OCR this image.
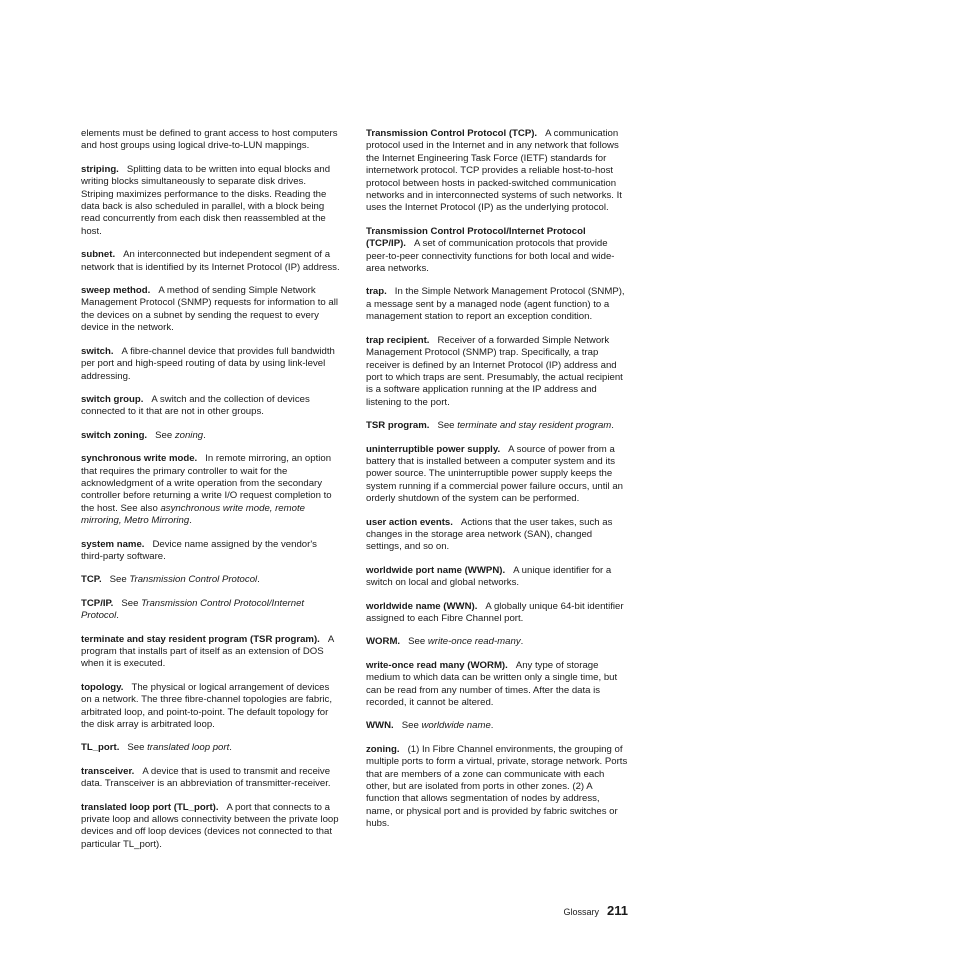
elements must be defined to grant access to host computers and host groups using logical drive-to-LUN mappings.

striping. Splitting data to be written into equal blocks and writing blocks simultaneously to separate disk drives. Striping maximizes performance to the disks. Reading the data back is also scheduled in parallel, with a block being read concurrently from each disk then reassembled at the host.

subnet. An interconnected but independent segment of a network that is identified by its Internet Protocol (IP) address.

sweep method. A method of sending Simple Network Management Protocol (SNMP) requests for information to all the devices on a subnet by sending the request to every device in the network.

switch. A fibre-channel device that provides full bandwidth per port and high-speed routing of data by using link-level addressing.

switch group. A switch and the collection of devices connected to it that are not in other groups.

switch zoning. See zoning.

synchronous write mode. In remote mirroring, an option that requires the primary controller to wait for the acknowledgment of a write operation from the secondary controller before returning a write I/O request completion to the host. See also asynchronous write mode, remote mirroring, Metro Mirroring.

system name. Device name assigned by the vendor's third-party software.

TCP. See Transmission Control Protocol.

TCP/IP. See Transmission Control Protocol/Internet Protocol.

terminate and stay resident program (TSR program). A program that installs part of itself as an extension of DOS when it is executed.

topology. The physical or logical arrangement of devices on a network. The three fibre-channel topologies are fabric, arbitrated loop, and point-to-point. The default topology for the disk array is arbitrated loop.

TL_port. See translated loop port.

transceiver. A device that is used to transmit and receive data. Transceiver is an abbreviation of transmitter-receiver.

translated loop port (TL_port). A port that connects to a private loop and allows connectivity between the private loop devices and off loop devices (devices not connected to that particular TL_port).

Transmission Control Protocol (TCP). A communication protocol used in the Internet and in any network that follows the Internet Engineering Task Force (IETF) standards for internetwork protocol. TCP provides a reliable host-to-host protocol between hosts in packed-switched communication networks and in interconnected systems of such networks. It uses the Internet Protocol (IP) as the underlying protocol.

Transmission Control Protocol/Internet Protocol (TCP/IP). A set of communication protocols that provide peer-to-peer connectivity functions for both local and wide-area networks.

trap. In the Simple Network Management Protocol (SNMP), a message sent by a managed node (agent function) to a management station to report an exception condition.

trap recipient. Receiver of a forwarded Simple Network Management Protocol (SNMP) trap. Specifically, a trap receiver is defined by an Internet Protocol (IP) address and port to which traps are sent. Presumably, the actual recipient is a software application running at the IP address and listening to the port.

TSR program. See terminate and stay resident program.

uninterruptible power supply. A source of power from a battery that is installed between a computer system and its power source. The uninterruptible power supply keeps the system running if a commercial power failure occurs, until an orderly shutdown of the system can be performed.

user action events. Actions that the user takes, such as changes in the storage area network (SAN), changed settings, and so on.

worldwide port name (WWPN). A unique identifier for a switch on local and global networks.

worldwide name (WWN). A globally unique 64-bit identifier assigned to each Fibre Channel port.

WORM. See write-once read-many.

write-once read many (WORM). Any type of storage medium to which data can be written only a single time, but can be read from any number of times. After the data is recorded, it cannot be altered.

WWN. See worldwide name.

zoning. (1) In Fibre Channel environments, the grouping of multiple ports to form a virtual, private, storage network. Ports that are members of a zone can communicate with each other, but are isolated from ports in other zones. (2) A function that allows segmentation of nodes by address, name, or physical port and is provided by fabric switches or hubs.

Glossary 211
